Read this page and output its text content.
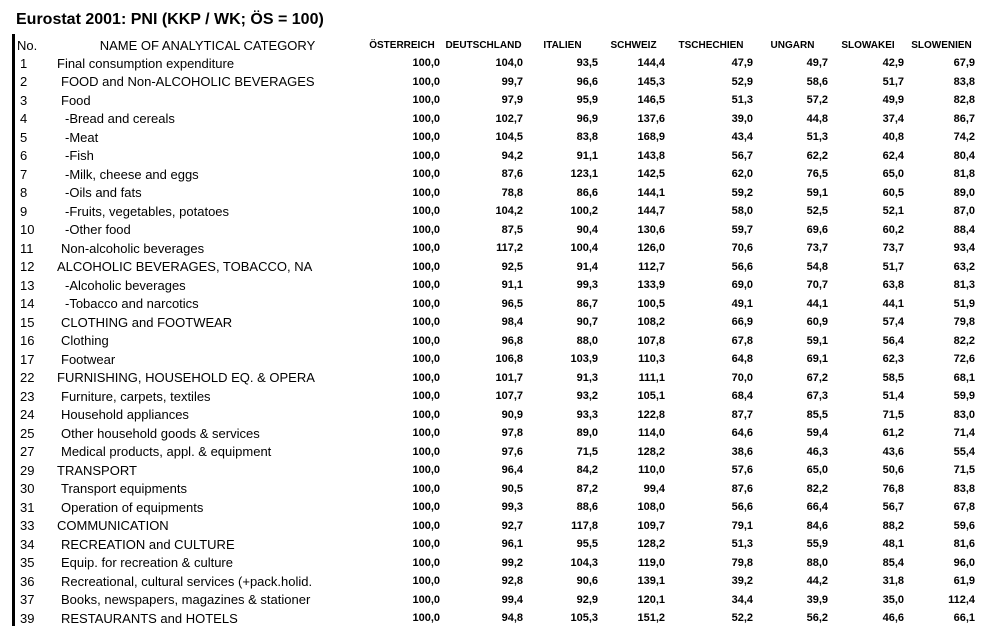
Eurostat 2001: PNI (KKP / WK; ÖS = 100)
No.	NAME OF ANALYTICAL CATEGORY	ÖSTERREICH	DEUTSCHLAND	ITALIEN	SCHWEIZ	TSCHECHIEN	UNGARN	SLOWAKEI	SLOWENIEN
1	Final consumption expenditure	100,0	104,0	93,5	144,4	47,9	49,7	42,9	67,9
2	FOOD and Non-ALCOHOLIC BEVERAGES	100,0	99,7	96,6	145,3	52,9	58,6	51,7	83,8
3	Food	100,0	97,9	95,9	146,5	51,3	57,2	49,9	82,8
4	-Bread and cereals	100,0	102,7	96,9	137,6	39,0	44,8	37,4	86,7
5	-Meat	100,0	104,5	83,8	168,9	43,4	51,3	40,8	74,2
6	-Fish	100,0	94,2	91,1	143,8	56,7	62,2	62,4	80,4
7	-Milk, cheese and eggs	100,0	87,6	123,1	142,5	62,0	76,5	65,0	81,8
8	-Oils and fats	100,0	78,8	86,6	144,1	59,2	59,1	60,5	89,0
9	-Fruits, vegetables, potatoes	100,0	104,2	100,2	144,7	58,0	52,5	52,1	87,0
10	-Other food	100,0	87,5	90,4	130,6	59,7	69,6	60,2	88,4
11	Non-alcoholic beverages	100,0	117,2	100,4	126,0	70,6	73,7	73,7	93,4
12	ALCOHOLIC BEVERAGES, TOBACCO, NA	100,0	92,5	91,4	112,7	56,6	54,8	51,7	63,2
13	-Alcoholic beverages	100,0	91,1	99,3	133,9	69,0	70,7	63,8	81,3
14	-Tobacco and narcotics	100,0	96,5	86,7	100,5	49,1	44,1	44,1	51,9
15	CLOTHING and FOOTWEAR	100,0	98,4	90,7	108,2	66,9	60,9	57,4	79,8
16	Clothing	100,0	96,8	88,0	107,8	67,8	59,1	56,4	82,2
17	Footwear	100,0	106,8	103,9	110,3	64,8	69,1	62,3	72,6
22	FURNISHING, HOUSEHOLD EQ. & OPERA	100,0	101,7	91,3	111,1	70,0	67,2	58,5	68,1
23	Furniture, carpets, textiles	100,0	107,7	93,2	105,1	68,4	67,3	51,4	59,9
24	Household appliances	100,0	90,9	93,3	122,8	87,7	85,5	71,5	83,0
25	Other household goods & services	100,0	97,8	89,0	114,0	64,6	59,4	61,2	71,4
27	Medical products, appl. & equipment	100,0	97,6	71,5	128,2	38,6	46,3	43,6	55,4
29	TRANSPORT	100,0	96,4	84,2	110,0	57,6	65,0	50,6	71,5
30	Transport equipments	100,0	90,5	87,2	99,4	87,6	82,2	76,8	83,8
31	Operation of equipments	100,0	99,3	88,6	108,0	56,6	66,4	56,7	67,8
33	COMMUNICATION	100,0	92,7	117,8	109,7	79,1	84,6	88,2	59,6
34	RECREATION and CULTURE	100,0	96,1	95,5	128,2	51,3	55,9	48,1	81,6
35	Equip. for recreation & culture	100,0	99,2	104,3	119,0	79,8	88,0	85,4	96,0
36	Recreational, cultural services (+pack.holid.	100,0	92,8	90,6	139,1	39,2	44,2	31,8	61,9
37	Books, newspapers, magazines & stationer	100,0	99,4	92,9	120,1	34,4	39,9	35,0	112,4
39	RESTAURANTS and HOTELS	100,0	94,8	105,3	151,2	52,2	56,2	46,6	66,1
